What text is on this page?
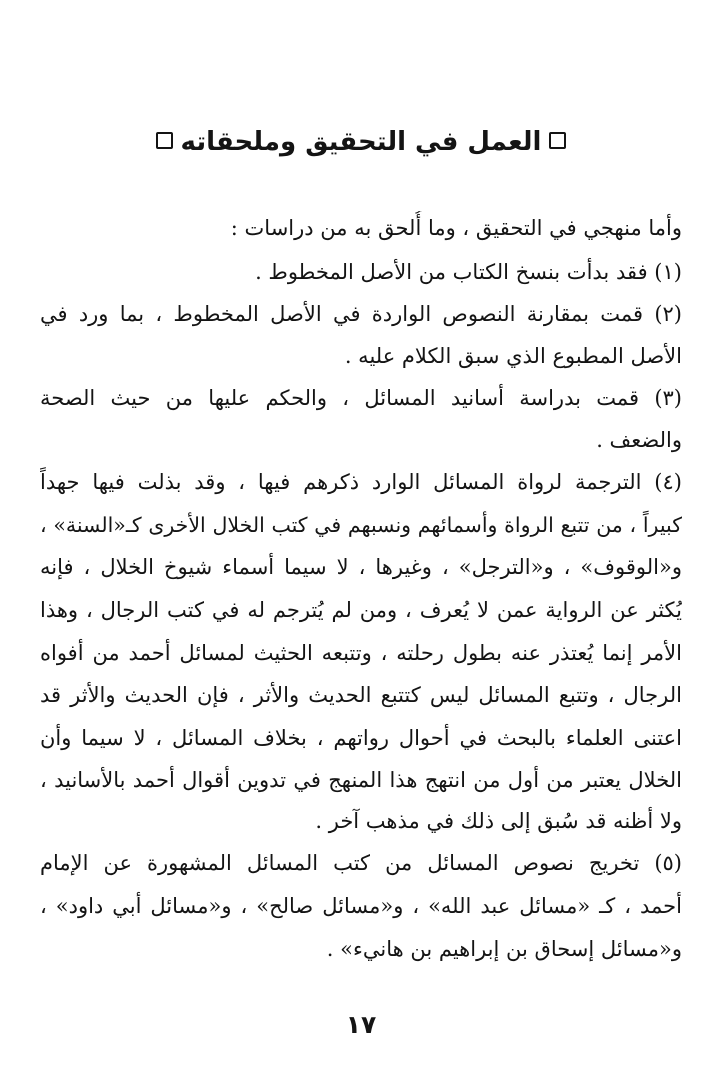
العمل في التحقيق وملحقاته
وأما منهجي في التحقيق ، وما أُلحق به من دراسات :
(١) فقد بدأت بنسخ الكتاب من الأصل المخطوط .
(٢) قمت بمقارنة النصوص الواردة في الأصل المخطوط ، بما ورد في
الأصل المطبوع الذي سبق الكلام عليه .
(٣) قمت بدراسة أسانيد المسائل ، والحكم عليها من حيث الصحة
والضعف .
(٤) الترجمة لرواة المسائل الوارد ذكرهم فيها ، وقد بذلت فيها جهداً
كبيراً ، من تتبع الرواة وأسمائهم ونسبهم في كتب الخلال الأخرى كـ«السنة» ،
و«الوقوف» ، و«الترجل» ، وغيرها ، لا سيما أسماء شيوخ الخلال ، فإنه
يُكثر عن الرواية عمن لا يُعرف ، ومن لم يُترجم له في كتب الرجال ، وهذا
الأمر إنما يُعتذر عنه بطول رحلته ، وتتبعه الحثيث لمسائل أحمد من أفواه
الرجال ، وتتبع المسائل ليس كتتبع الحديث والأثر ، فإن الحديث والأثر قد
اعتنى العلماء بالبحث في أحوال رواتهم ، بخلاف المسائل ، لا سيما وأن
الخلال يعتبر من أول من انتهج هذا المنهج في تدوين أقوال أحمد بالأسانيد ،
ولا أظنه قد سُبق إلى ذلك في مذهب آخر .
(٥) تخريج نصوص المسائل من كتب المسائل المشهورة عن الإمام
أحمد ، كـ «مسائل عبد الله» ، و«مسائل صالح» ، و«مسائل أبي داود» ،
و«مسائل إسحاق بن إبراهيم بن هانيء» .
١٧
